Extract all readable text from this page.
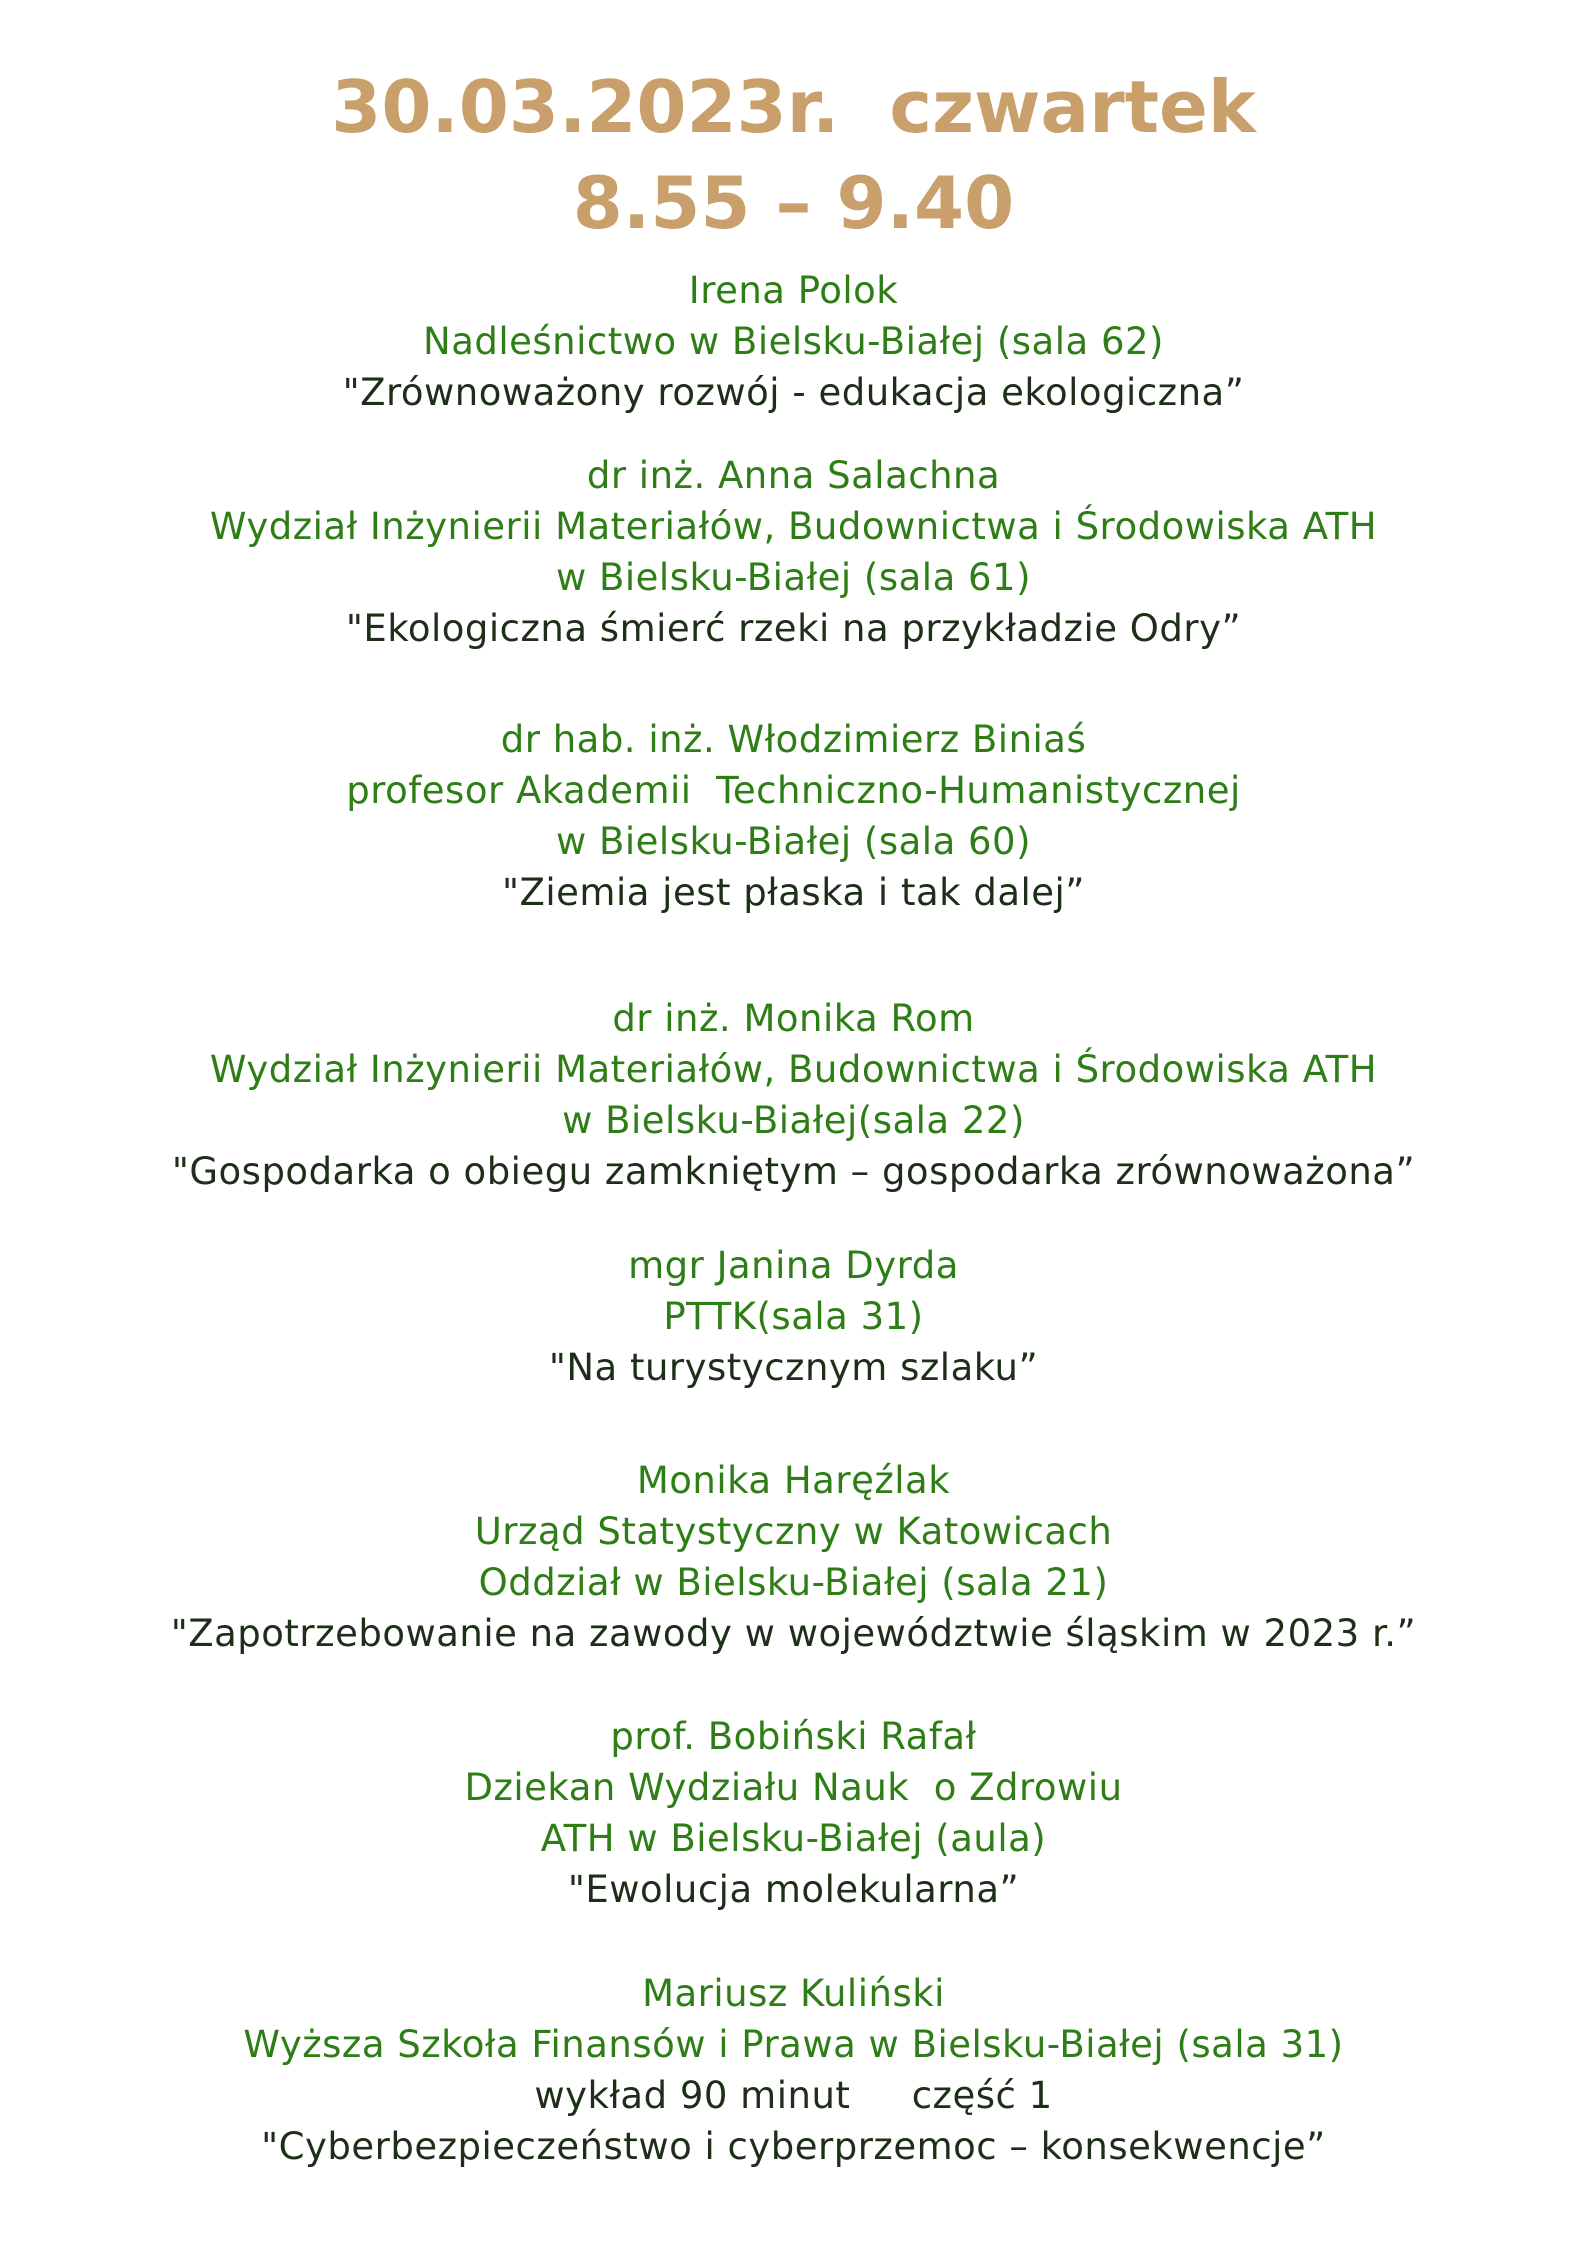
30.03.2023r.  czwartek
8.55 – 9.40
Irena Polok
Nadleśnictwo w Bielsku-Białej (sala 62)
"Zrównoważony rozwój - edukacja ekologiczna”
dr inż. Anna Salachna
Wydział Inżynierii Materiałów, Budownictwa i Środowiska ATH
w Bielsku-Białej (sala 61)
"Ekologiczna śmierć rzeki na przykładzie Odry”
dr hab. inż. Włodzimierz Biniaś
profesor Akademii  Techniczno-Humanistycznej
w Bielsku-Białej (sala 60)
"Ziemia jest płaska i tak dalej”
dr inż. Monika Rom
Wydział Inżynierii Materiałów, Budownictwa i Środowiska ATH
w Bielsku-Białej(sala 22)
"Gospodarka o obiegu zamkniętym – gospodarka zrównoważona”
mgr Janina Dyrda
PTTK(sala 31)
"Na turystycznym szlaku”
Monika Haręźlak
Urząd Statystyczny w Katowicach
Oddział w Bielsku-Białej (sala 21)
"Zapotrzebowanie na zawody w województwie śląskim w 2023 r.”
prof. Bobiński Rafał
Dziekan Wydziału Nauk  o Zdrowiu
ATH w Bielsku-Białej (aula)
"Ewolucja molekularna”
Mariusz Kuliński
Wyższa Szkoła Finansów i Prawa w Bielsku-Białej (sala 31)
wykład 90 minut     część 1
"Cyberbezpieczeństwo i cyberprzemoc – konsekwencje”
